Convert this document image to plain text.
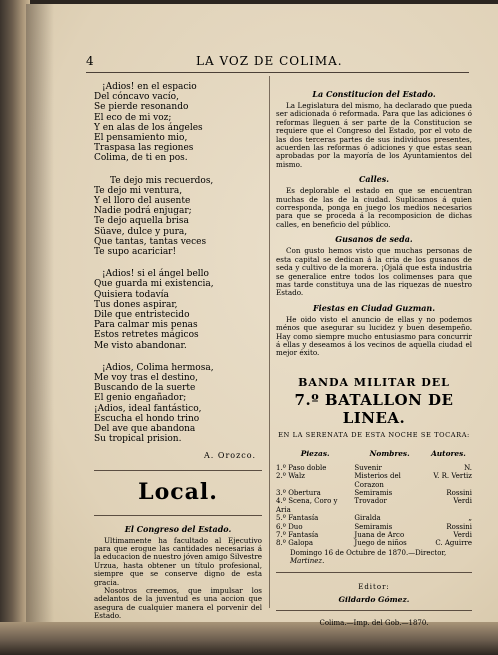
4	LA VOZ DE COLIMA.
¡Adios! en el espacio
Del cóncavo vacío,
Se pierde resonando
El eco de mi voz;
Y en alas de los ángeles
El pensamiento mio,
Traspasa las regiones
Colima, de ti en pos.
Te dejo mis recuerdos,
Te dejo mi ventura,
Y el lloro del ausente
Nadie podrá enjugar;
Te dejo aquella brisa
Süave, dulce y pura,
Que tantas, tantas veces
Te supo acariciar!
¡Adios! si el ángel bello
Que guarda mi existencia,
Quisiera todavía
Tus dones aspirar,
Dile que entristecido
Para calmar mis penas
Estos retretes mágicos
Me visto abandonar.
¡Adios, Colima hermosa,
Me voy tras el destino,
Buscando de la suerte
El genio engañador;
¡Adios, ideal fantástico,
Escucha el hondo trino
Del ave que abandona
Su tropical prision.
A. Orozco.
Local.
El Congreso del Estado.

Ultimamente ha facultado al Ejecutivo para que erogue las cantidades necesarias á la educacion de nuestro jóven amigo Silvestre Urzua, hasta obtener un título profesional, siempre que se conserve digno de esta gracia.

Nosotros creemos, que impulsar los adelantos de la juventud es una accion que asegura de cualquier manera el porvenir del Estado.

La Constitucion del Estado.

La Legislatura del mismo, ha declarado que pueda ser adicionada ó reformada. Para que las adiciones ó reformas lleguen á ser parte de la Constitucion se requiere que el Congreso del Estado, por el voto de las dos terceras partes de sus individuos presentes, acuerden las reformas ó adiciones y que estas sean aprobadas por la mayoría de los Ayuntamientos del mismo.

Calles.

Es deplorable el estado en que se encuentran muchas de las de la ciudad. Suplicamos á quien corresponda, ponga en juego los medios necesarios para que se proceda á la recomposicion de dichas calles, en beneficio del público.

Gusanos de seda.

Con gusto hemos visto que muchas personas de esta capital se dedican á la cria de los gusanos de seda y cultivo de la morera. ¡Ojalá que esta industria se generalice entre todos los colimenses para que mas tarde constituya una de las riquezas de nuestro Estado.

Fiestas en Ciudad Guzman.

He oido visto el anuncio de ellas y no podemos ménos que asegurar su lucidez y buen desempeño. Hay como siempre mucho entusiasmo para concurrir á ellas y deseamos á los vecinos de aquella ciudad el mejor éxito.

BANDA MILITAR DEL
7.º BATALLON DE LINEA.
EN LA SERENATA DE ESTA NOCHE SE TOCARA:
Piezas.	Nombres.	Autores.
1.º Paso doble	Suvenir	N.
2.º Walz	Misterios del Corazon	V. R. Vertiz
3.º Obertura	Semiramis	Rossini
4.º Scena, Coro y Aria	Trovador	Verdi
5.º Fantasía	Giralda	„
6.º Duo	Semiramis	Rossini
7.º Fantasía	Juana de Arco	Verdi
8.º Galopa	Juego de niños	C. Aguirre
Domingo 16 de Octubre de 1870.—Director, Martinez.
Editor:
Gildardo Gómez.
Colima.—Imp. del Gob.—1870.
